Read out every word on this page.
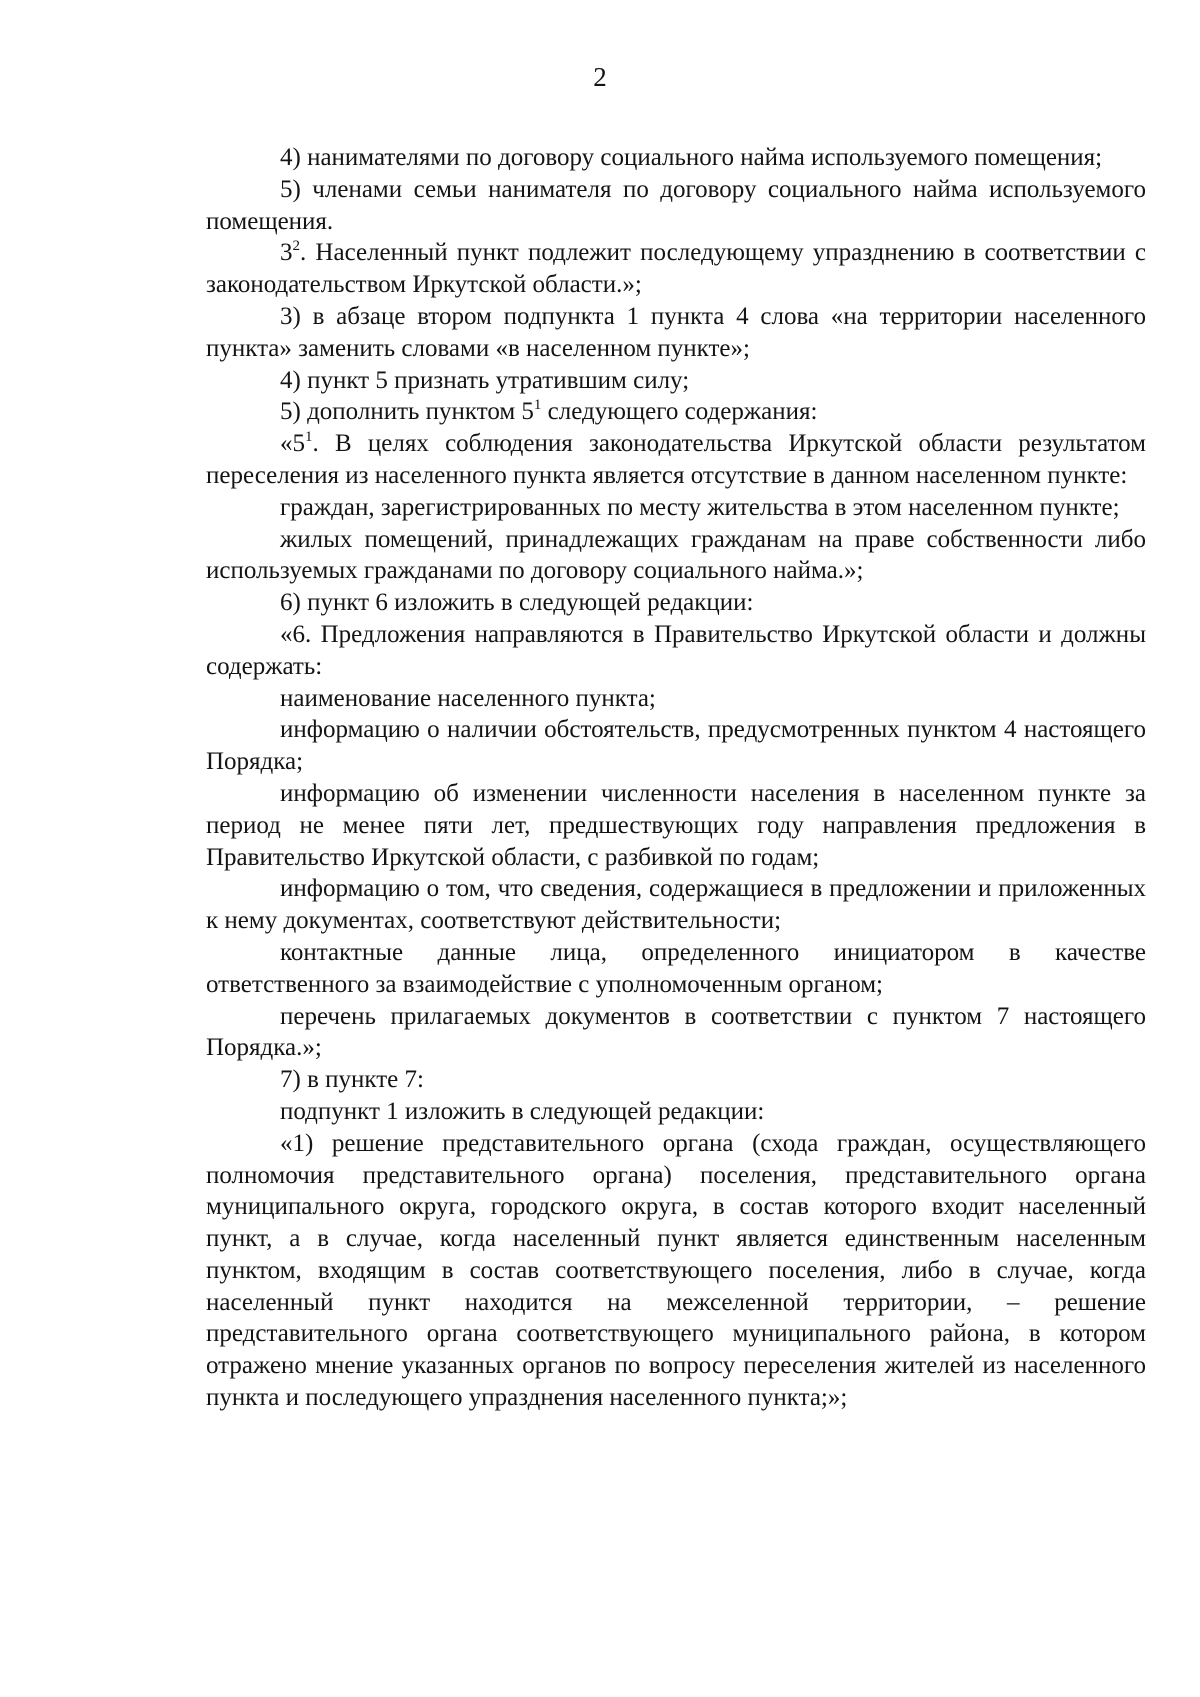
2

4) нанимателями по договору социального найма используемого помещения;

5) членами семьи нанимателя по договору социального найма используемого помещения.

$3^2$. Населенный пункт подлежит последующему упразднению в соответствии с законодательством Иркутской области.»;

3) в абзаце втором подпункта 1 пункта 4 слова «на территории населенного пункта» заменить словами «в населенном пункте»;

4) пункт 5 признать утратившим силу;

5) дополнить пунктом $5^1$ следующего содержания:

«$5^1$. В целях соблюдения законодательства Иркутской области результатом переселения из населенного пункта является отсутствие в данном населенном пункте:

граждан, зарегистрированных по месту жительства в этом населенном пункте;

жилых помещений, принадлежащих гражданам на праве собственности либо используемых гражданами по договору социального найма.»;

6) пункт 6 изложить в следующей редакции:

«6. Предложения направляются в Правительство Иркутской области и должны содержать:

наименование населенного пункта;

информацию о наличии обстоятельств, предусмотренных пунктом 4 настоящего Порядка;

информацию об изменении численности населения в населенном пункте за период не менее пяти лет, предшествующих году направления предложения в Правительство Иркутской области, с разбивкой по годам;

информацию о том, что сведения, содержащиеся в предложении и приложенных к нему документах, соответствуют действительности;

контактные данные лица, определенного инициатором в качестве ответственного за взаимодействие с уполномоченным органом;

перечень прилагаемых документов в соответствии с пунктом 7 настоящего Порядка.»;

7) в пункте 7:

подпункт 1 изложить в следующей редакции:

«1) решение представительного органа (схода граждан, осуществляющего полномочия представительного органа) поселения, представительного органа муниципального округа, городского округа, в состав которого входит населенный пункт, а в случае, когда населенный пункт является единственным населенным пунктом, входящим в состав соответствующего поселения, либо в случае, когда населенный пункт находится на межселенной территории, – решение представительного органа соответствующего муниципального района, в котором отражено мнение указанных органов по вопросу переселения жителей из населенного пункта и последующего упразднения населенного пункта;»;
